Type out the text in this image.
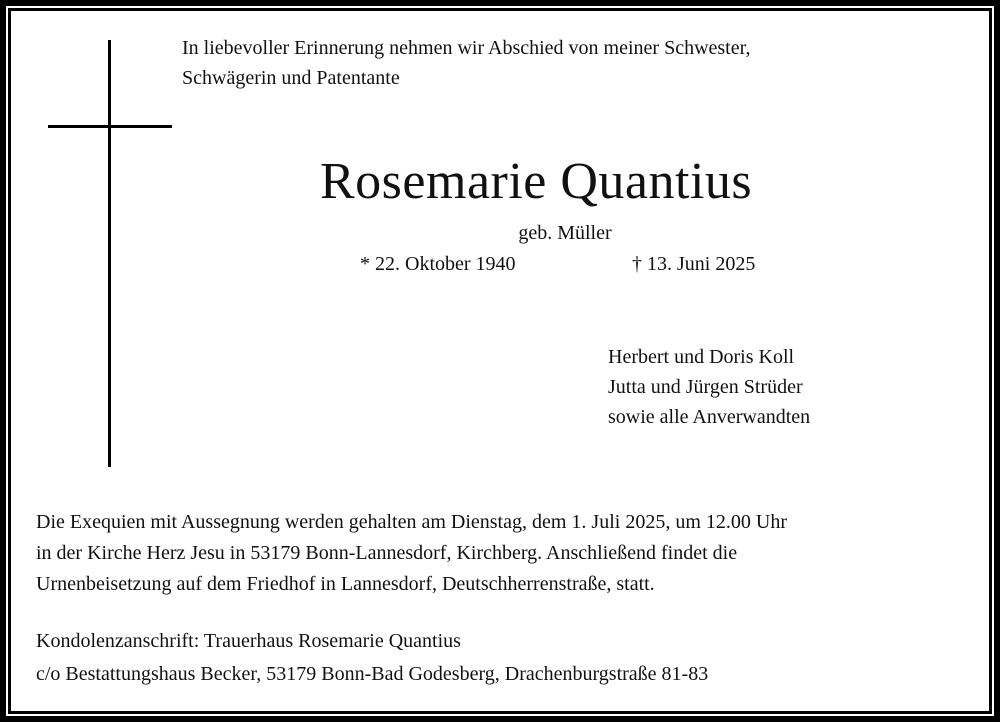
In liebevoller Erinnerung nehmen wir Abschied von meiner Schwester,
Schwägerin und Patentante
Rosemarie Quantius
geb. Müller
* 22. Oktober 1940	† 13. Juni 2025
Herbert und Doris Koll
Jutta und Jürgen Strüder
sowie alle Anverwandten
Die Exequien mit Aussegnung werden gehalten am Dienstag, dem 1. Juli 2025, um 12.00 Uhr
in der Kirche Herz Jesu in 53179 Bonn-Lannesdorf, Kirchberg. Anschließend findet die
Urnenbeisetzung auf dem Friedhof in Lannesdorf, Deutschherrenstraße, statt.
Kondolenzanschrift: Trauerhaus Rosemarie Quantius
c/o Bestattungshaus Becker, 53179 Bonn-Bad Godesberg, Drachenburgstraße 81-83
